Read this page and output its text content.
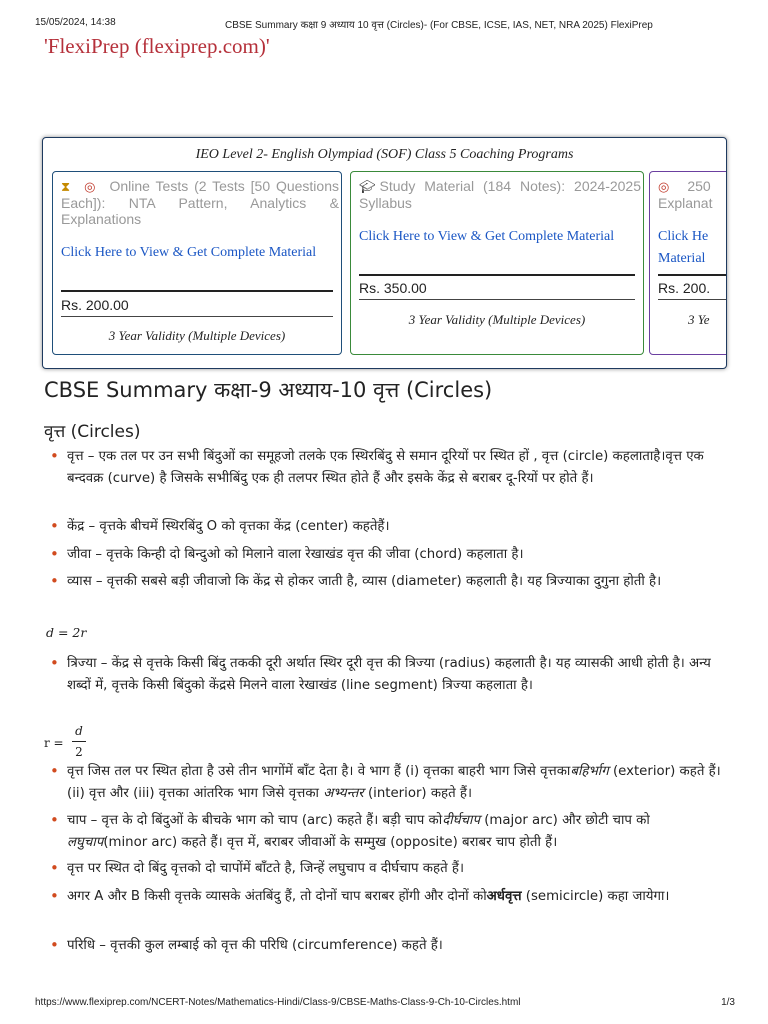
15/05/2024, 14:38	CBSE Summary कक्षा 9 अध्याय 10 वृत्त (Circles)- (For CBSE, ICSE, IAS, NET, NRA 2025) FlexiPrep
'FlexiPrep (flexiprep.com)'
IEO Level 2- English Olympiad (SOF) Class 5 Coaching Programs
⧗ ◎ Online Tests (2 Tests [50 Questions Each]): NTA Pattern, Analytics & Explanations
Click Here to View & Get Complete Material
Rs. 200.00
3 Year Validity (Multiple Devices)
🎓︎ Study Material (184 Notes): 2024-2025 Syllabus
Click Here to View & Get Complete Material
Rs. 350.00
3 Year Validity (Multiple Devices)
◎ 250
Explanat
Click He
Material
Rs. 200.
3 Ye
CBSE Summary कक्षा-9 अध्याय-10 वृत्त (Circles)
वृत्त (Circles)
• वृत्त – एक तल पर उन सभी बिंदुओं का समूहजो तलके एक स्थिरबिंदु से समान दूरियों पर स्थित हों , वृत्त (circle) कहलाताहै।वृत्त एक बन्दवक्र (curve) है जिसके सभीबिंदु एक ही तलपर स्थित होते हैं और इसके केंद्र से बराबर दू-रियों पर होते हैं।
• केंद्र – वृत्तके बीचमें स्थिरबिंदु O को वृत्तका केंद्र (center) कहतेहैं।
• जीवा – वृत्तके किन्ही दो बिन्दुओ को मिलाने वाला रेखाखंड वृत्त की जीवा (chord) कहलाता है।
• व्यास – वृत्तकी सबसे बड़ी जीवाजो कि केंद्र से होकर जाती है, व्यास (diameter) कहलाती है। यह त्रिज्याका दुगुना होती है।
d = 2r
• त्रिज्या – केंद्र से वृत्तके किसी बिंदु तककी दूरी अर्थात स्थिर दूरी वृत्त की त्रिज्या (radius) कहलाती है। यह व्यासकी आधी होती है। अन्य शब्दों में, वृत्तके किसी बिंदुको केंद्रसे मिलने वाला रेखाखंड (line segment) त्रिज्या कहलाता है।
r =
d
2
• वृत्त जिस तल पर स्थित होता है उसे तीन भागोंमें बाँट देता है। वे भाग हैं (i) वृत्तका बाहरी भाग जिसे वृत्तकाबहिर्भाग (exterior) कहते हैं। (ii) वृत्त और (iii) वृत्तका आंतरिक भाग जिसे वृत्तका अभ्यन्तर (interior) कहते हैं।
• चाप – वृत्त के दो बिंदुओं के बीचके भाग को चाप (arc) कहते हैं। बड़ी चाप कोदीर्घचाप (major arc) और छोटी चाप को लघुचाप(minor arc) कहते हैं। वृत्त में, बराबर जीवाओं के सम्मुख (opposite) बराबर चाप होती हैं।
• वृत्त पर स्थित दो बिंदु वृत्तको दो चापोंमें बाँटते है, जिन्हें लघुचाप व दीर्घचाप कहते हैं।
• अगर A और B किसी वृत्तके व्यासके अंतबिंदु हैं, तो दोनों चाप बराबर होंगी और दोनों कोअर्धवृत्त (semicircle) कहा जायेगा।
• परिधि – वृत्तकी कुल लम्बाई को वृत्त की परिधि (circumference) कहते हैं।
https://www.flexiprep.com/NCERT-Notes/Mathematics-Hindi/Class-9/CBSE-Maths-Class-9-Ch-10-Circles.html	1/3
